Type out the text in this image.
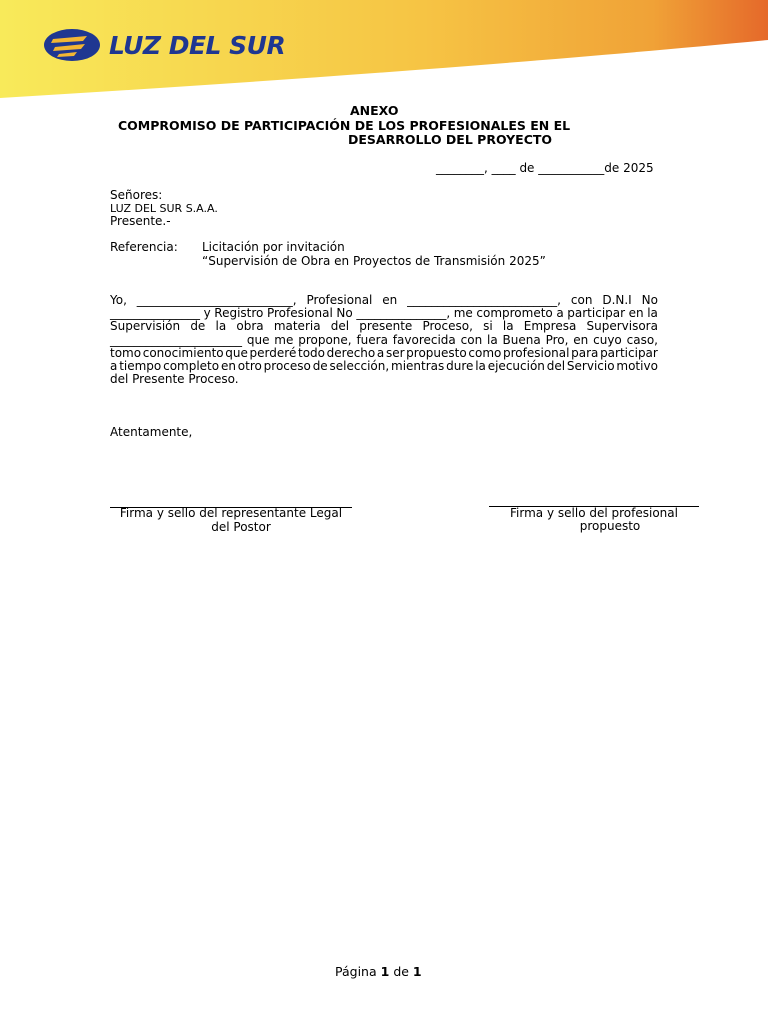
LUZ DEL SUR
ANEXO
COMPROMISO DE PARTICIPACIÓN DE LOS PROFESIONALES EN EL
DESARROLLO DEL PROYECTO
________, ____ de ___________de 2025
Señores:
LUZ DEL SUR S.A.A.
Presente.-
Referencia: Licitación por invitación
“Supervisión de Obra en Proyectos de Transmisión 2025”
Yo, __________________________, Profesional en _________________________, con D.N.I No
_______________ y Registro Profesional No _______________, me comprometo a participar en la
Supervisión de la obra materia del presente Proceso, si la Empresa Supervisora
______________________ que me propone, fuera favorecida con la Buena Pro, en cuyo caso,
tomo conocimiento que perderé todo derecho a ser propuesto como profesional para participar
a tiempo completo en otro proceso de selección, mientras dure la ejecución del Servicio motivo
del Presente Proceso.
Atentamente,
Firma y sello del representante Legal
del Postor
Firma y sello del profesional
propuesto
Página 1 de 1
